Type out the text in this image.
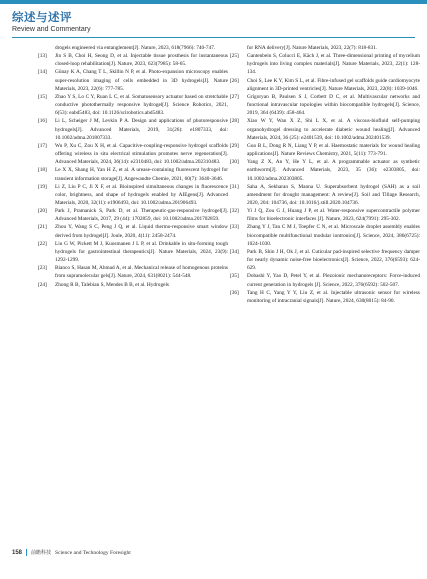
综述与述评
Review and Commentary
drogels engineered via entanglement[J]. Nature, 2023, 618(7966): 740-747.
[13] Jin S B, Choi H, Seong D, et al. Injectable tissue prosthesis for instantaneous closed-loop rehabilitation[J]. Nature, 2023, 623(7985): 58-65.
[14] Günay K A, Chang T L, Skillin N P, et al. Photo-expansion microscopy enables super-resolution imaging of cells embedded in 3D hydrogels[J]. Nature Materials, 2023, 22(6): 777-785.
[15] Zhao Y S, Lo C Y, Ruan L C, et al. Somatosensory actuator based on stretchable conductive photothermally responsive hydrogel[J]. Science Robotics, 2021, 6(53): eabd5483, doi: 10.1126/scirobotics.abd5483.
[16] Li L, Scheiger J M, Levkin P A. Design and applications of photoresponsive hydrogels[J]. Advanced Materials, 2019, 31(26): e1807333, doi: 10.1002/adma.201807333.
[17] Wu P, Xu C, Zou X H, et al. Capacitive-coupling-responsive hydrogel scaffolds offering wireless in situ electrical stimulation promotes nerve regeneration[J]. Advanced Materials, 2024, 36(14): e2310483, doi: 10.1002/adma.202310483.
[18] Le X X, Shang H, Yan H Z, et al. A urease-containing fluorescent hydrogel for transient information storage[J]. Angewandte Chemie, 2021, 60(7): 3640-3646.
[19] Li Z, Liu P C, Ji X F, et al. Bioinspired simultaneous changes in fluorescence color, brightness, and shape of hydrogels enabled by AIEgens[J]. Advanced Materials, 2020, 32(11): e1906493, doi: 10.1002/adma.201906493.
[20] Park J, Pramanick S, Park D, et al. Therapeutic-gas-responsive hydrogel[J]. Advanced Materials, 2017, 29 (44): 1702859, doi: 10.1002/adma.201702859.
[21] Zhou Y, Wang S C, Peng J Q, et al. Liquid thermo-responsive smart window derived from hydrogel[J]. Joule, 2020, 4(11): 2458-2474.
[22] Liu G W, Pickett M J, Kuosmanen J L P, et al. Drinkable in situ-forming tough hydrogels for gastrointestinal therapeutics[J]. Nature Materials, 2024, 23(9): 1292-1299.
[23] Bianco S, Hasan M, Ahmad A, et al. Mechanical release of homogenous proteins from supramolecular gels[J]. Nature, 2024, 631(8021): 544-548.
[24] Zhong R B, Talebian S, Mendes B B, et al. Hydrogels
for RNA delivery[J]. Nature Materials, 2023, 22(7): 818-831.
[25] Gantenbein S, Colucci E, Käch J, et al. Three-dimensional printing of mycelium hydrogels into living complex materials[J]. Nature Materials, 2023, 22(1): 128-134.
[26] Choi S, Lee K Y, Kim S L, et al. Fibre-infused gel scaffolds guide cardiomyocyte alignment in 3D-printed ventricles[J]. Nature Materials, 2023, 22(8): 1039-1046.
[27] Grigoryan B, Paulsen S J, Corbett D C, et al. Multivascular networks and functional intravascular topologies within biocompatible hydrogels[J]. Science, 2019, 364 (6439): 458-464.
[28] Xiao W Y, Wan X Z, Shi L X, et al. A viscous-biofluid self-pumping organohydrogel dressing to accelerate diabetic wound healing[J]. Advanced Materials, 2024, 36 (25): e2401539, doi: 10.1002/adma.202401539.
[29] Guo B L, Dong R N, Liang Y P, et al. Haemostatic materials for wound healing applications[J]. Nature Reviews Chemistry, 2021, 5(11): 773-791.
[30] Yang Z X, An Y, He Y L, et al. A programmable actuator as synthetic earthworm[J]. Advanced Materials, 2023, 35 (36): e2303805, doi: 10.1002/adma.202303805.
[31] Saha A, Sekharan S, Manna U. Superabsorbent hydrogel (SAH) as a soil amendment for drought management: A review[J]. Soil and Tillage Research, 2020, 204: 104736, doi: 10.1016/j.still.2020.104736.
[32] Yi J Q, Zou G J, Huang J P, et al. Water-responsive supercontractile polymer films for bioelectronic interfaces [J]. Nature, 2023, 624(7991): 295-302.
[33] Zhang Y J, Tan C M J, Toepfer C N, et al. Microscale droplet assembly enables biocompatible multifunctional modular iontronics[J]. Science, 2024, 386(6725): 1024-1030.
[34] Park B, Shin J H, Ok J, et al. Cuticular pad-inspired selective frequency damper for nearly dynamic noise-free bioelectronics[J]. Science, 2022, 376(6593): 624-629.
[35] Dobashi Y, Yao D, Petel Y, et al. Piezoionic mechanoreceptors: Force-induced current generation in hydrogels [J]. Science, 2022, 376(6592): 502-507.
[36] Tang H C, Yang Y Y, Liu Z, et al. Injectable ultrasonic sensor for wireless monitoring of intracranial signals[J]. Nature, 2024, 630(8015): 84-90.
158 前瞻科技 Science and Technology Foresight
